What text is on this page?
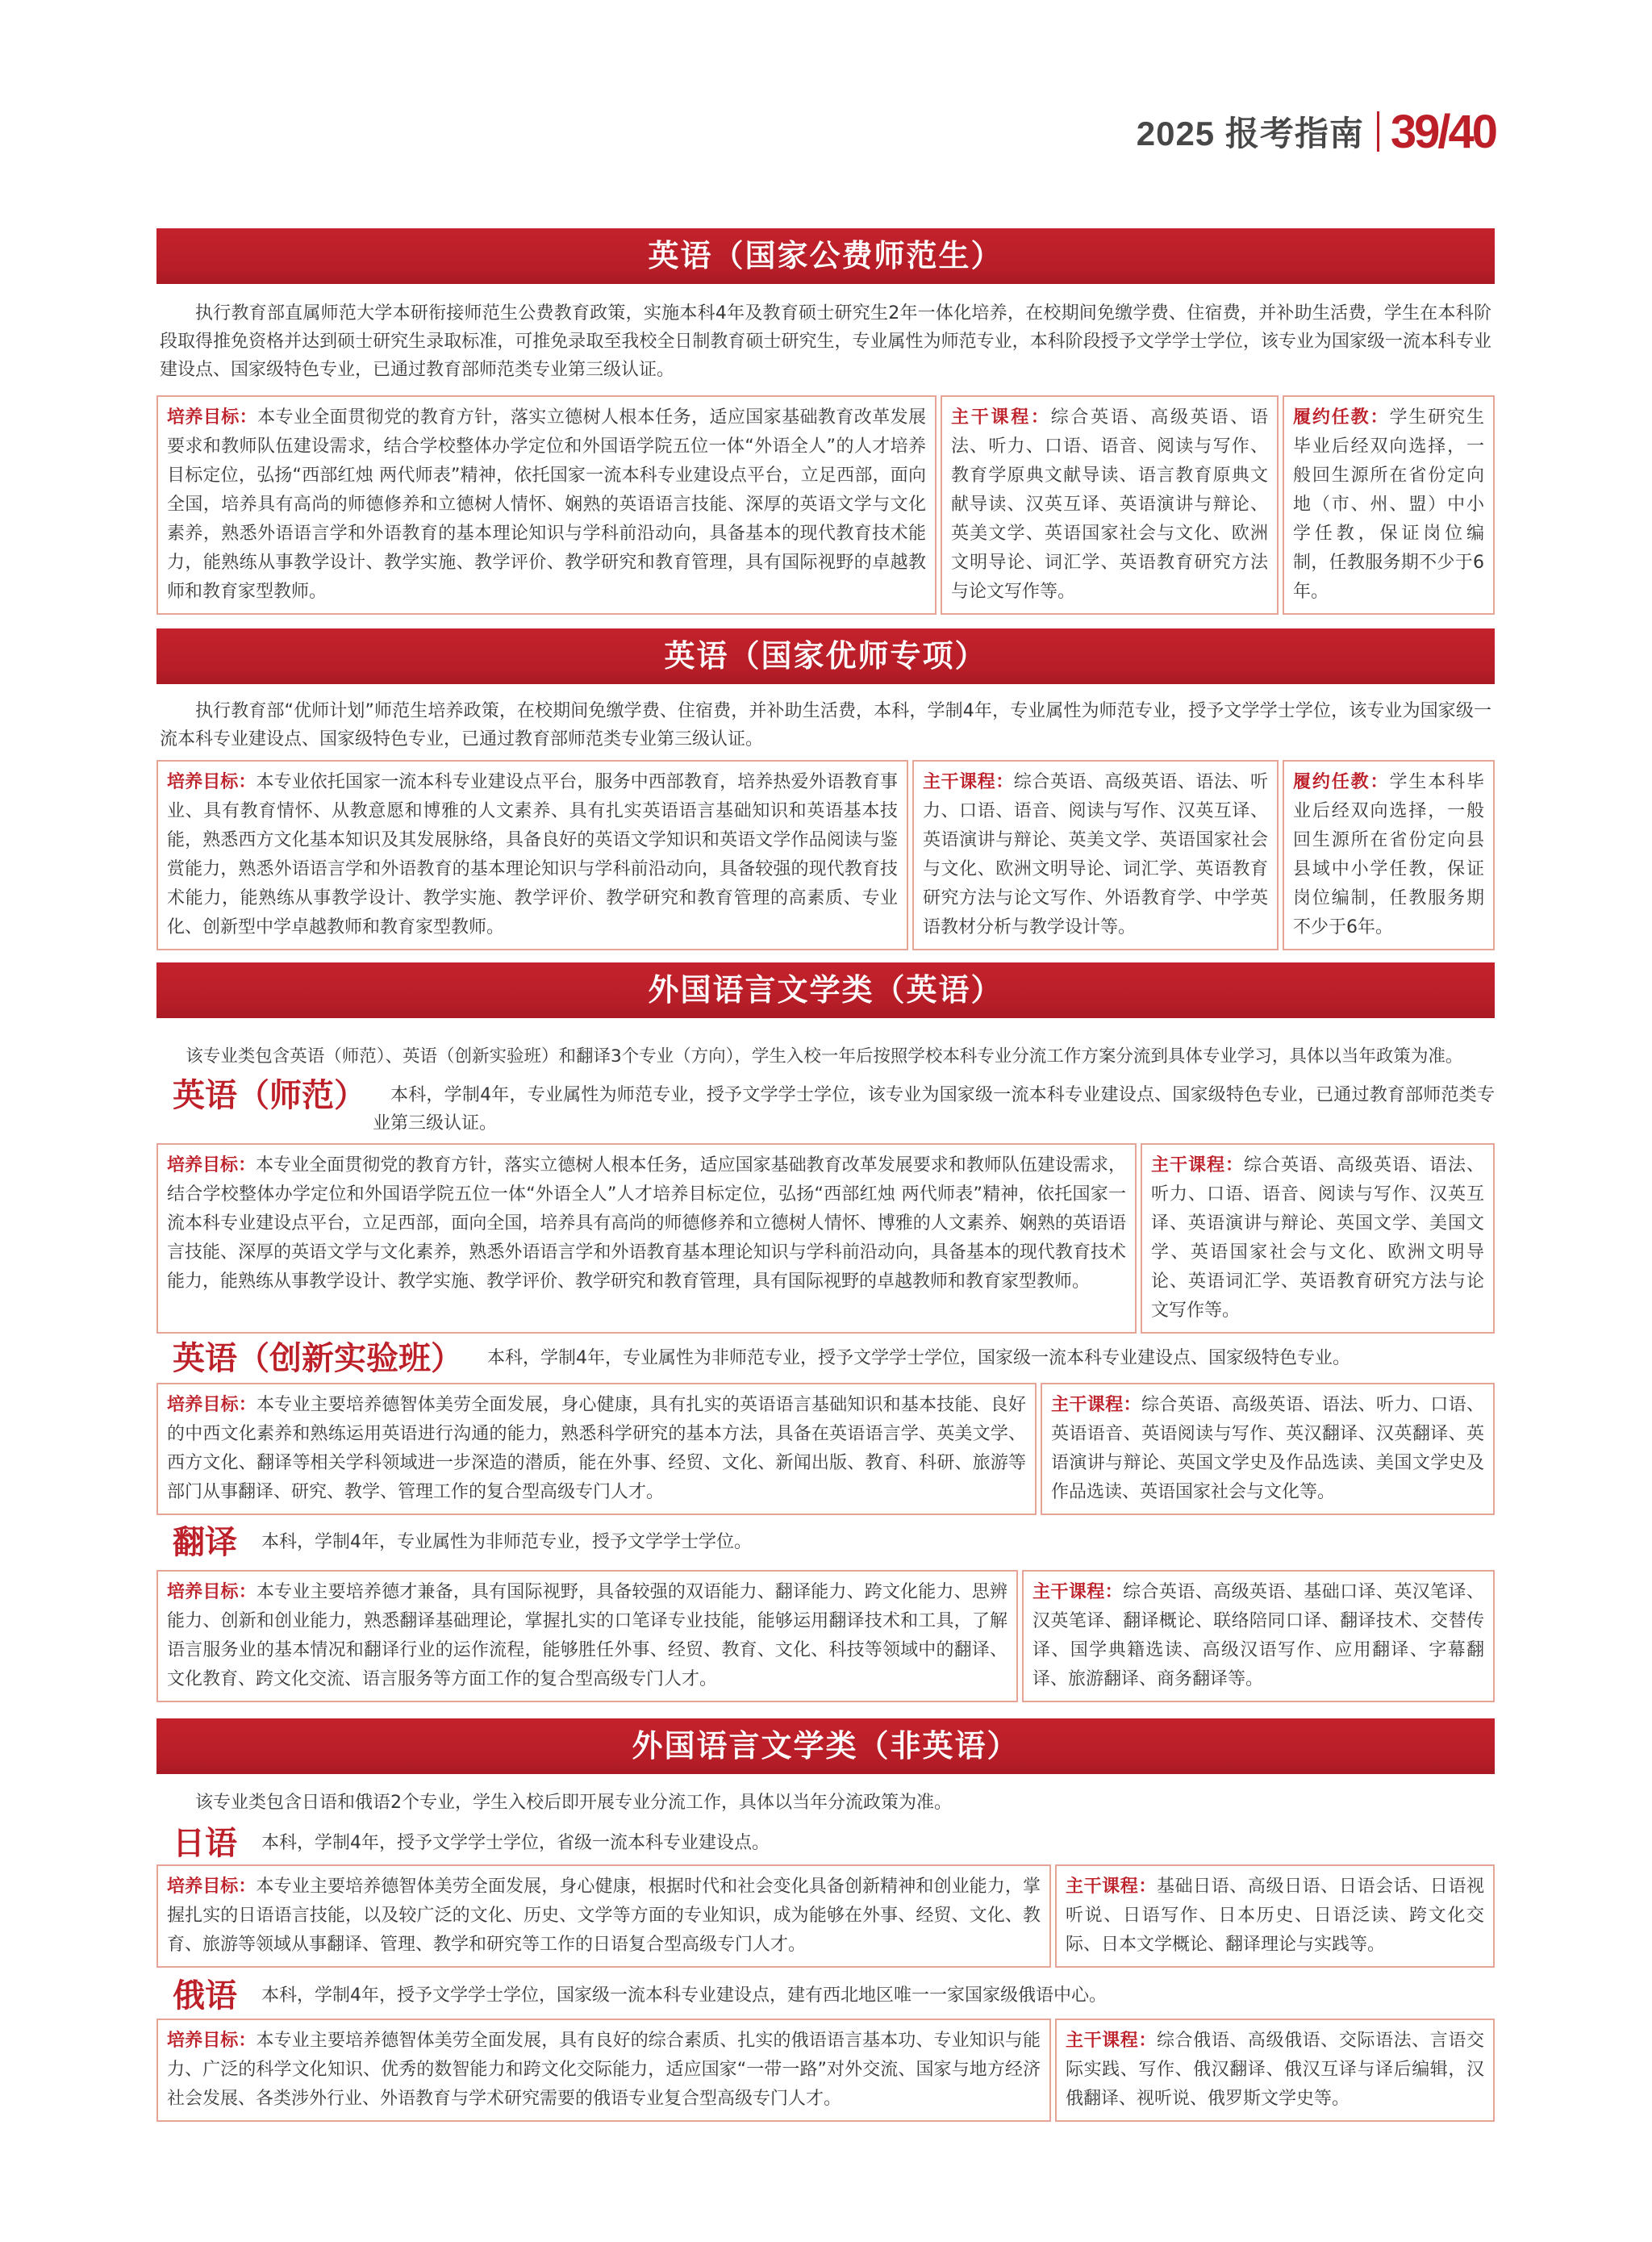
2025 报考指南 39/40
英语（国家公费师范生）

执行教育部直属师范大学本研衔接师范生公费教育政策，实施本科4年及教育硕士研究生2年一体化培养，在校期间免缴学费、住宿费，并补助生活费，学生在本科阶段取得推免资格并达到硕士研究生录取标准，可推免录取至我校全日制教育硕士研究生，专业属性为师范专业，本科阶段授予文学学士学位，该专业为国家级一流本科专业建设点、国家级特色专业，已通过教育部师范类专业第三级认证。

培养目标：本专业全面贯彻党的教育方针，落实立德树人根本任务，适应国家基础教育改革发展要求和教师队伍建设需求，结合学校整体办学定位和外国语学院五位一体“外语全人”的人才培养目标定位，弘扬“西部红烛 两代师表”精神，依托国家一流本科专业建设点平台，立足西部，面向全国，培养具有高尚的师德修养和立德树人情怀、娴熟的英语语言技能、深厚的英语文学与文化素养，熟悉外语语言学和外语教育的基本理论知识与学科前沿动向，具备基本的现代教育技术能力，能熟练从事教学设计、教学实施、教学评价、教学研究和教育管理，具有国际视野的卓越教师和教育家型教师。
主干课程：综合英语、高级英语、语法、听力、口语、语音、阅读与写作、教育学原典文献导读、语言教育原典文献导读、汉英互译、英语演讲与辩论、英美文学、英语国家社会与文化、欧洲文明导论、词汇学、英语教育研究方法与论文写作等。
履约任教：学生研究生毕业后经双向选择，一般回生源所在省份定向地（市、州、盟）中小学任教，保证岗位编制，任教服务期不少于6年。
英语（国家优师专项）

执行教育部“优师计划”师范生培养政策，在校期间免缴学费、住宿费，并补助生活费，本科，学制4年，专业属性为师范专业，授予文学学士学位，该专业为国家级一流本科专业建设点、国家级特色专业，已通过教育部师范类专业第三级认证。

培养目标：本专业依托国家一流本科专业建设点平台，服务中西部教育，培养热爱外语教育事业、具有教育情怀、从教意愿和博雅的人文素养、具有扎实英语语言基础知识和英语基本技能，熟悉西方文化基本知识及其发展脉络，具备良好的英语文学知识和英语文学作品阅读与鉴赏能力，熟悉外语语言学和外语教育的基本理论知识与学科前沿动向，具备较强的现代教育技术能力，能熟练从事教学设计、教学实施、教学评价、教学研究和教育管理的高素质、专业化、创新型中学卓越教师和教育家型教师。
主干课程：综合英语、高级英语、语法、听力、口语、语音、阅读与写作、汉英互译、英语演讲与辩论、英美文学、英语国家社会与文化、欧洲文明导论、词汇学、英语教育研究方法与论文写作、外语教育学、中学英语教材分析与教学设计等。
履约任教：学生本科毕业后经双向选择，一般回生源所在省份定向县县域中小学任教，保证岗位编制，任教服务期不少于6年。
外国语言文学类（英语）

该专业类包含英语（师范）、英语（创新实验班）和翻译3个专业（方向），学生入校一年后按照学校本科专业分流工作方案分流到具体专业学习，具体以当年政策为准。

英语（师范）	本科，学制4年，专业属性为师范专业，授予文学学士学位，该专业为国家级一流本科专业建设点、国家级特色专业，已通过教育部师范类专业第三级认证。
培养目标：本专业全面贯彻党的教育方针，落实立德树人根本任务，适应国家基础教育改革发展要求和教师队伍建设需求，结合学校整体办学定位和外国语学院五位一体“外语全人”人才培养目标定位，弘扬“西部红烛 两代师表”精神，依托国家一流本科专业建设点平台，立足西部，面向全国，培养具有高尚的师德修养和立德树人情怀、博雅的人文素养、娴熟的英语语言技能、深厚的英语文学与文化素养，熟悉外语语言学和外语教育基本理论知识与学科前沿动向，具备基本的现代教育技术能力，能熟练从事教学设计、教学实施、教学评价、教学研究和教育管理，具有国际视野的卓越教师和教育家型教师。
主干课程：综合英语、高级英语、语法、听力、口语、语音、阅读与写作、汉英互译、英语演讲与辩论、英国文学、美国文学、英语国家社会与文化、欧洲文明导论、英语词汇学、英语教育研究方法与论文写作等。
英语（创新实验班）	本科，学制4年，专业属性为非师范专业，授予文学学士学位，国家级一流本科专业建设点、国家级特色专业。
培养目标：本专业主要培养德智体美劳全面发展，身心健康，具有扎实的英语语言基础知识和基本技能、良好的中西文化素养和熟练运用英语进行沟通的能力，熟悉科学研究的基本方法，具备在英语语言学、英美文学、西方文化、翻译等相关学科领域进一步深造的潜质，能在外事、经贸、文化、新闻出版、教育、科研、旅游等部门从事翻译、研究、教学、管理工作的复合型高级专门人才。
主干课程：综合英语、高级英语、语法、听力、口语、英语语音、英语阅读与写作、英汉翻译、汉英翻译、英语演讲与辩论、英国文学史及作品选读、美国文学史及作品选读、英语国家社会与文化等。
翻译	本科，学制4年，专业属性为非师范专业，授予文学学士学位。
培养目标：本专业主要培养德才兼备，具有国际视野，具备较强的双语能力、翻译能力、跨文化能力、思辨能力、创新和创业能力，熟悉翻译基础理论，掌握扎实的口笔译专业技能，能够运用翻译技术和工具，了解语言服务业的基本情况和翻译行业的运作流程，能够胜任外事、经贸、教育、文化、科技等领域中的翻译、文化教育、跨文化交流、语言服务等方面工作的复合型高级专门人才。
主干课程：综合英语、高级英语、基础口译、英汉笔译、汉英笔译、翻译概论、联络陪同口译、翻译技术、交替传译、国学典籍选读、高级汉语写作、应用翻译、字幕翻译、旅游翻译、商务翻译等。
外国语言文学类（非英语）

该专业类包含日语和俄语2个专业，学生入校后即开展专业分流工作，具体以当年分流政策为准。

日语	本科，学制4年，授予文学学士学位，省级一流本科专业建设点。
培养目标：本专业主要培养德智体美劳全面发展，身心健康，根据时代和社会变化具备创新精神和创业能力，掌握扎实的日语语言技能，以及较广泛的文化、历史、文学等方面的专业知识，成为能够在外事、经贸、文化、教育、旅游等领域从事翻译、管理、教学和研究等工作的日语复合型高级专门人才。
主干课程：基础日语、高级日语、日语会话、日语视听说、日语写作、日本历史、日语泛读、跨文化交际、日本文学概论、翻译理论与实践等。
俄语	本科，学制4年，授予文学学士学位，国家级一流本科专业建设点，建有西北地区唯一一家国家级俄语中心。
培养目标：本专业主要培养德智体美劳全面发展，具有良好的综合素质、扎实的俄语语言基本功、专业知识与能力、广泛的科学文化知识、优秀的数智能力和跨文化交际能力，适应国家“一带一路”对外交流、国家与地方经济社会发展、各类涉外行业、外语教育与学术研究需要的俄语专业复合型高级专门人才。
主干课程：综合俄语、高级俄语、交际语法、言语交际实践、写作、俄汉翻译、俄汉互译与译后编辑，汉俄翻译、视听说、俄罗斯文学史等。
